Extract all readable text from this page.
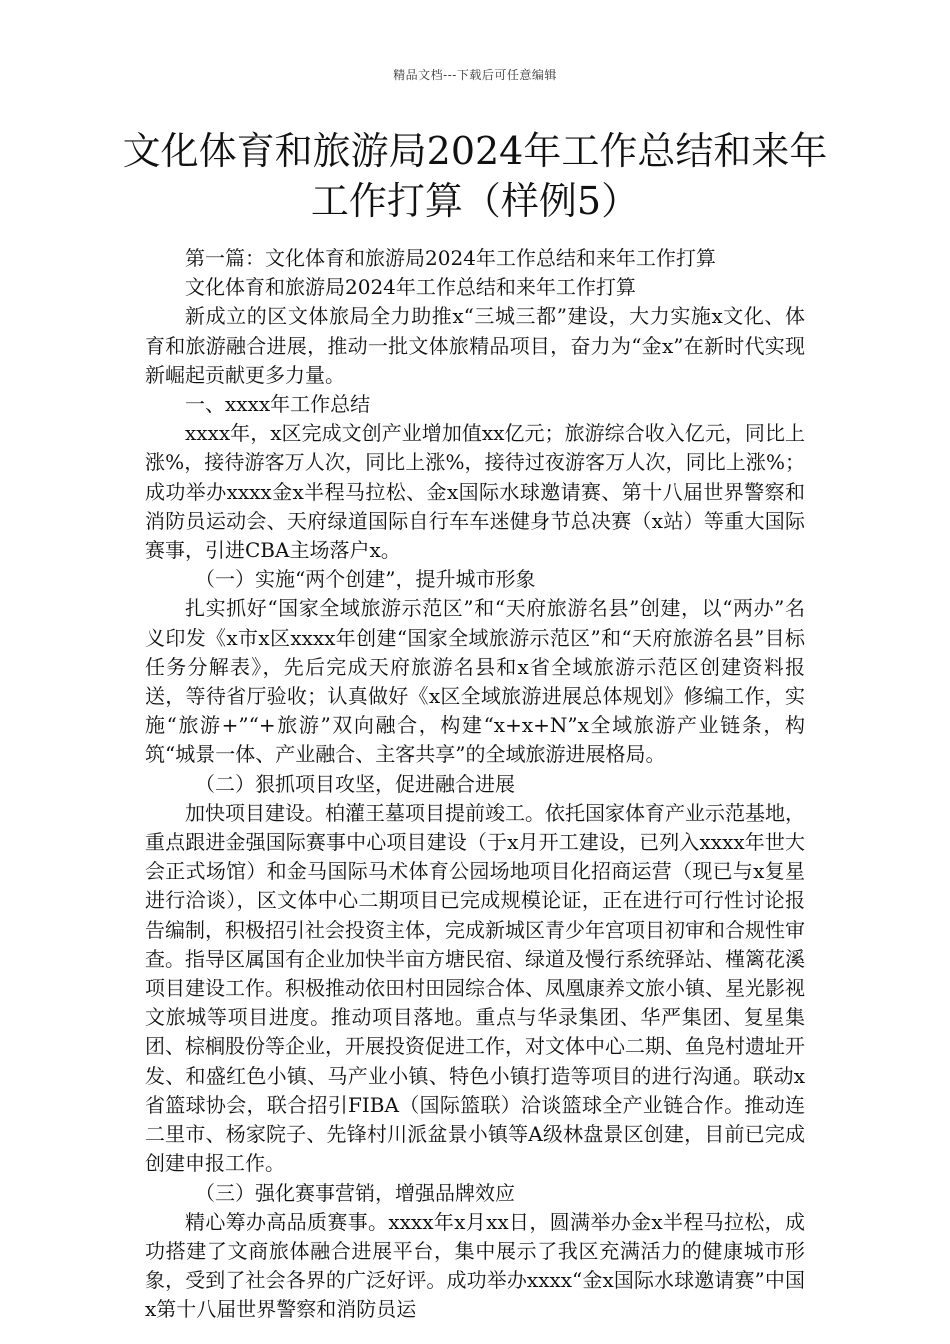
精品文档---下载后可任意编辑
文化体育和旅游局2024年工作总结和来年
工作打算（样例5）

第一篇：文化体育和旅游局2024年工作总结和来年工作打算

文化体育和旅游局2024年工作总结和来年工作打算

新成立的区文体旅局全力助推x“三城三都”建设，大力实施x文化、体育和旅游融合进展，推动一批文体旅精品项目，奋力为“金x”在新时代实现新崛起贡献更多力量。

一、xxxx年工作总结

xxxx年，x区完成文创产业增加值xx亿元；旅游综合收入亿元，同比上涨%，接待游客万人次，同比上涨%，接待过夜游客万人次，同比上涨%；成功举办xxxx金x半程马拉松、金x国际水球邀请赛、第十八届世界警察和消防员运动会、天府绿道国际自行车车迷健身节总决赛（x站）等重大国际赛事，引进CBA主场落户x。

（一）实施“两个创建”，提升城市形象

扎实抓好“国家全域旅游示范区”和“天府旅游名县”创建，以“两办”名义印发《x市x区xxxx年创建“国家全域旅游示范区”和“天府旅游名县”目标任务分解表》，先后完成天府旅游名县和x省全域旅游示范区创建资料报送，等待省厅验收；认真做好《x区全域旅游进展总体规划》修编工作，实施“旅游+”“+旅游”双向融合，构建“x+x+N”x全域旅游产业链条，构筑“城景一体、产业融合、主客共享”的全域旅游进展格局。

（二）狠抓项目攻坚，促进融合进展

加快项目建设。柏灌王墓项目提前竣工。依托国家体育产业示范基地，重点跟进金强国际赛事中心项目建设（于x月开工建设，已列入xxxx年世大会正式场馆）和金马国际马术体育公园场地项目化招商运营（现已与x复星进行洽谈），区文体中心二期项目已完成规模论证，正在进行可行性讨论报告编制，积极招引社会投资主体，完成新城区青少年宫项目初审和合规性审查。指导区属国有企业加快半亩方塘民宿、绿道及慢行系统驿站、槿篱花溪项目建设工作。积极推动依田村田园综合体、凤凰康养文旅小镇、星光影视文旅城等项目进度。推动项目落地。重点与华录集团、华严集团、复星集团、棕榈股份等企业，开展投资促进工作，对文体中心二期、鱼凫村遗址开发、和盛红色小镇、马产业小镇、特色小镇打造等项目的进行沟通。联动x省篮球协会，联合招引FIBA（国际篮联）洽谈篮球全产业链合作。推动连二里市、杨家院子、先锋村川派盆景小镇等A级林盘景区创建，目前已完成创建申报工作。

（三）强化赛事营销，增强品牌效应

精心筹办高品质赛事。xxxx年x月xx日，圆满举办金x半程马拉松，成功搭建了文商旅体融合进展平台，集中展示了我区充满活力的健康城市形象，受到了社会各界的广泛好评。成功举办xxxx“金x国际水球邀请赛”中国x第十八届世界警察和消防员运
